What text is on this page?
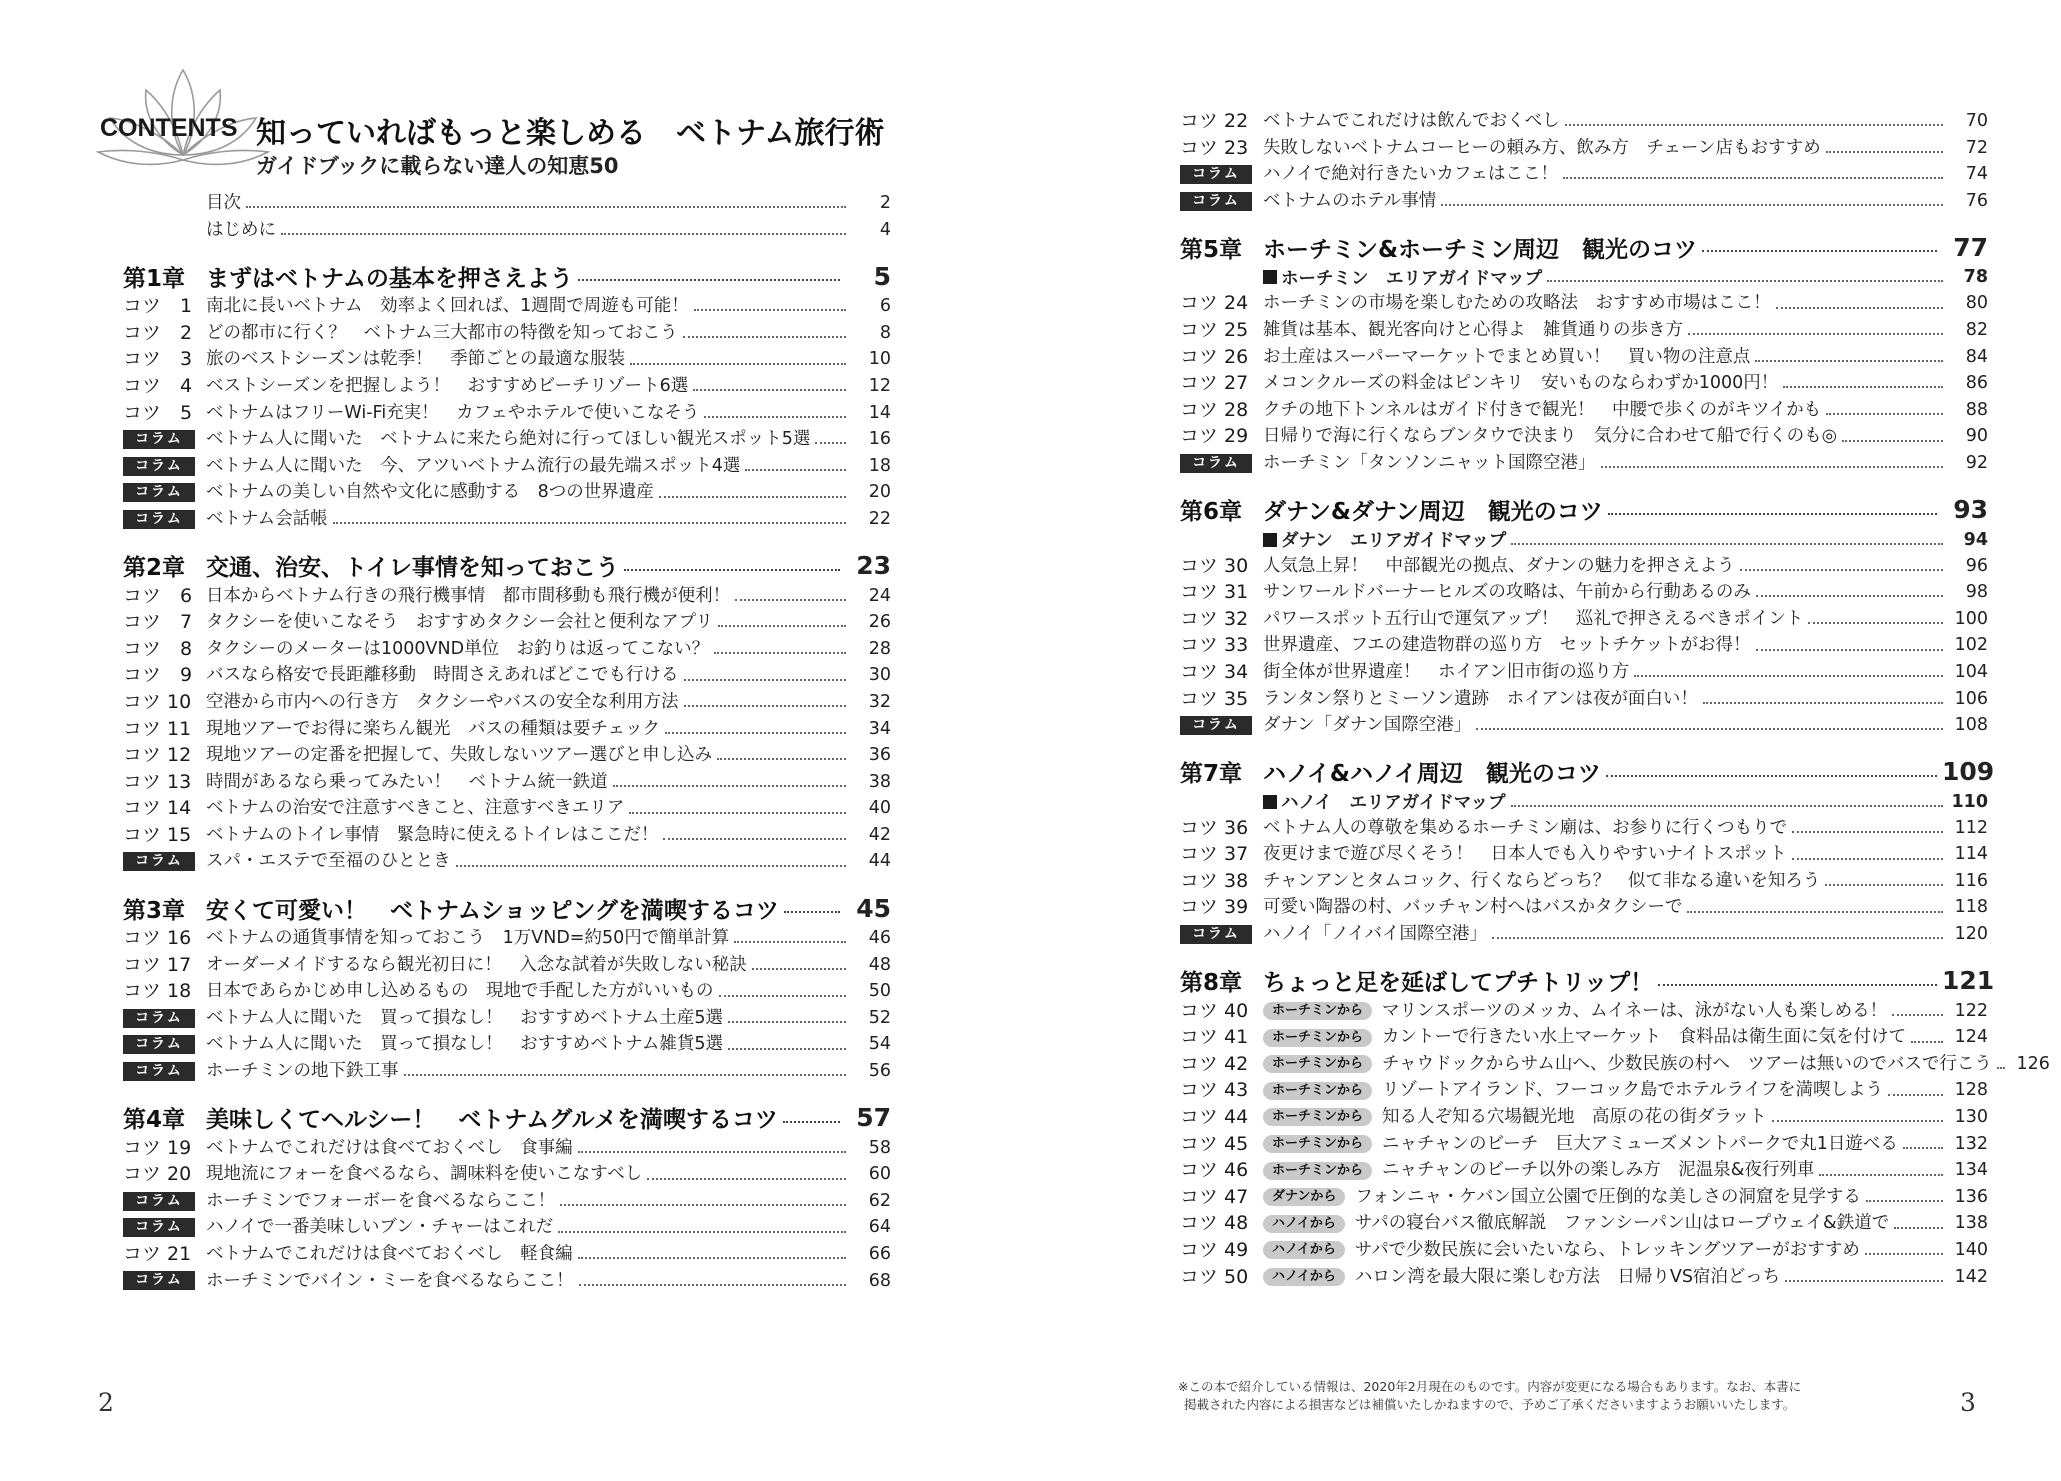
CONTENTS 知っていればもっと楽しめる　ベトナム旅行術
ガイドブックに載らない達人の知恵50
目次	2
はじめに	4
第1章 まずはベトナムの基本を押さえよう	5
コツ　1 南北に長いベトナム　効率よく回れば、1週間で周遊も可能！	6
コツ　2 どの都市に行く？　ベトナム三大都市の特徴を知っておこう	8
コツ　3 旅のベストシーズンは乾季！　季節ごとの最適な服装	10
コツ　4 ベストシーズンを把握しよう！　おすすめビーチリゾート6選	12
コツ　5 ベトナムはフリーWi-Fi充実！　カフェやホテルで使いこなそう	14
コラム	ベトナム人に聞いた　ベトナムに来たら絶対に行ってほしい観光スポット5選	16
コラム	ベトナム人に聞いた　今、アツいベトナム流行の最先端スポット4選	18
コラム	ベトナムの美しい自然や文化に感動する　8つの世界遺産	20
コラム	ベトナム会話帳	22
第2章 交通、治安、トイレ事情を知っておこう	23
コツ　6 日本からベトナム行きの飛行機事情　都市間移動も飛行機が便利！	24
コツ　7 タクシーを使いこなそう　おすすめタクシー会社と便利なアプリ	26
コツ　8 タクシーのメーターは1000VND単位　お釣りは返ってこない？	28
コツ　9 バスなら格安で長距離移動　時間さえあればどこでも行ける	30
コツ 10 空港から市内への行き方　タクシーやバスの安全な利用方法	32
コツ 11 現地ツアーでお得に楽ちん観光　バスの種類は要チェック	34
コツ 12 現地ツアーの定番を把握して、失敗しないツアー選びと申し込み	36
コツ 13 時間があるなら乗ってみたい！　ベトナム統一鉄道	38
コツ 14 ベトナムの治安で注意すべきこと、注意すべきエリア	40
コツ 15 ベトナムのトイレ事情　緊急時に使えるトイレはここだ！	42
コラム	スパ・エステで至福のひととき	44
第3章 安くて可愛い！　ベトナムショッピングを満喫するコツ	45
コツ 16 ベトナムの通貨事情を知っておこう　1万VND=約50円で簡単計算	46
コツ 17 オーダーメイドするなら観光初日に！　入念な試着が失敗しない秘訣	48
コツ 18 日本であらかじめ申し込めるもの　現地で手配した方がいいもの	50
コラム	ベトナム人に聞いた　買って損なし！　おすすめベトナム土産5選	52
コラム	ベトナム人に聞いた　買って損なし！　おすすめベトナム雑貨5選	54
コラム	ホーチミンの地下鉄工事	56
第4章 美味しくてヘルシー！　ベトナムグルメを満喫するコツ	57
コツ 19 ベトナムでこれだけは食べておくべし　食事編	58
コツ 20 現地流にフォーを食べるなら、調味料を使いこなすべし	60
コラム	ホーチミンでフォーボーを食べるならここ！	62
コラム	ハノイで一番美味しいブン・チャーはこれだ	64
コツ 21 ベトナムでこれだけは食べておくべし　軽食編	66
コラム	ホーチミンでバイン・ミーを食べるならここ！	68
2
コツ 22 ベトナムでこれだけは飲んでおくべし	70
コツ 23 失敗しないベトナムコーヒーの頼み方、飲み方　チェーン店もおすすめ	72
コラム	ハノイで絶対行きたいカフェはここ！	74
コラム	ベトナムのホテル事情	76
第5章 ホーチミン&ホーチミン周辺　観光のコツ	77
ホーチミン　エリアガイドマップ	78
コツ 24 ホーチミンの市場を楽しむための攻略法　おすすめ市場はここ！	80
コツ 25 雑貨は基本、観光客向けと心得よ　雑貨通りの歩き方	82
コツ 26 お土産はスーパーマーケットでまとめ買い！　買い物の注意点	84
コツ 27 メコンクルーズの料金はピンキリ　安いものならわずか1000円！	86
コツ 28 クチの地下トンネルはガイド付きで観光！　中腰で歩くのがキツイかも	88
コツ 29 日帰りで海に行くならブンタウで決まり　気分に合わせて船で行くのも◎	90
コラム	ホーチミン「タンソンニャット国際空港」	92
第6章 ダナン&ダナン周辺　観光のコツ	93
ダナン　エリアガイドマップ	94
コツ 30 人気急上昇！　中部観光の拠点、ダナンの魅力を押さえよう	96
コツ 31 サンワールドバーナーヒルズの攻略は、午前から行動あるのみ	98
コツ 32 パワースポット五行山で運気アップ！　巡礼で押さえるべきポイント	100
コツ 33 世界遺産、フエの建造物群の巡り方　セットチケットがお得！	102
コツ 34 街全体が世界遺産！　ホイアン旧市街の巡り方	104
コツ 35 ランタン祭りとミーソン遺跡　ホイアンは夜が面白い！	106
コラム	ダナン「ダナン国際空港」	108
第7章 ハノイ&ハノイ周辺　観光のコツ	109
ハノイ　エリアガイドマップ	110
コツ 36 ベトナム人の尊敬を集めるホーチミン廟は、お参りに行くつもりで	112
コツ 37 夜更けまで遊び尽くそう！　日本人でも入りやすいナイトスポット	114
コツ 38 チャンアンとタムコック、行くならどっち？　似て非なる違いを知ろう	116
コツ 39 可愛い陶器の村、バッチャン村へはバスかタクシーで	118
コラム	ハノイ「ノイバイ国際空港」	120
第8章 ちょっと足を延ばしてプチトリップ！	121
コツ 40	ホーチミンから	マリンスポーツのメッカ、ムイネーは、泳がない人も楽しめる！	122
コツ 41	ホーチミンから	カントーで行きたい水上マーケット　食料品は衛生面に気を付けて	124
コツ 42	ホーチミンから	チャウドックからサム山へ、少数民族の村へ　ツアーは無いのでバスで行こう	126
コツ 43	ホーチミンから	リゾートアイランド、フーコック島でホテルライフを満喫しよう	128
コツ 44	ホーチミンから	知る人ぞ知る穴場観光地　高原の花の街ダラット	130
コツ 45	ホーチミンから	ニャチャンのビーチ　巨大アミューズメントパークで丸1日遊べる	132
コツ 46	ホーチミンから	ニャチャンのビーチ以外の楽しみ方　泥温泉&夜行列車	134
コツ 47	ダナンから	フォンニャ・ケバン国立公園で圧倒的な美しさの洞窟を見学する	136
コツ 48	ハノイから	サパの寝台バス徹底解説　ファンシーパン山はロープウェイ&鉄道で	138
コツ 49	ハノイから	サパで少数民族に会いたいなら、トレッキングツアーがおすすめ	140
コツ 50	ハノイから	ハロン湾を最大限に楽しむ方法　日帰りVS宿泊どっち	142
※この本で紹介している情報は、2020年2月現在のものです。内容が変更になる場合もあります。なお、本書に
掲載された内容による損害などは補償いたしかねますので、予めご了承くださいますようお願いいたします。	3
